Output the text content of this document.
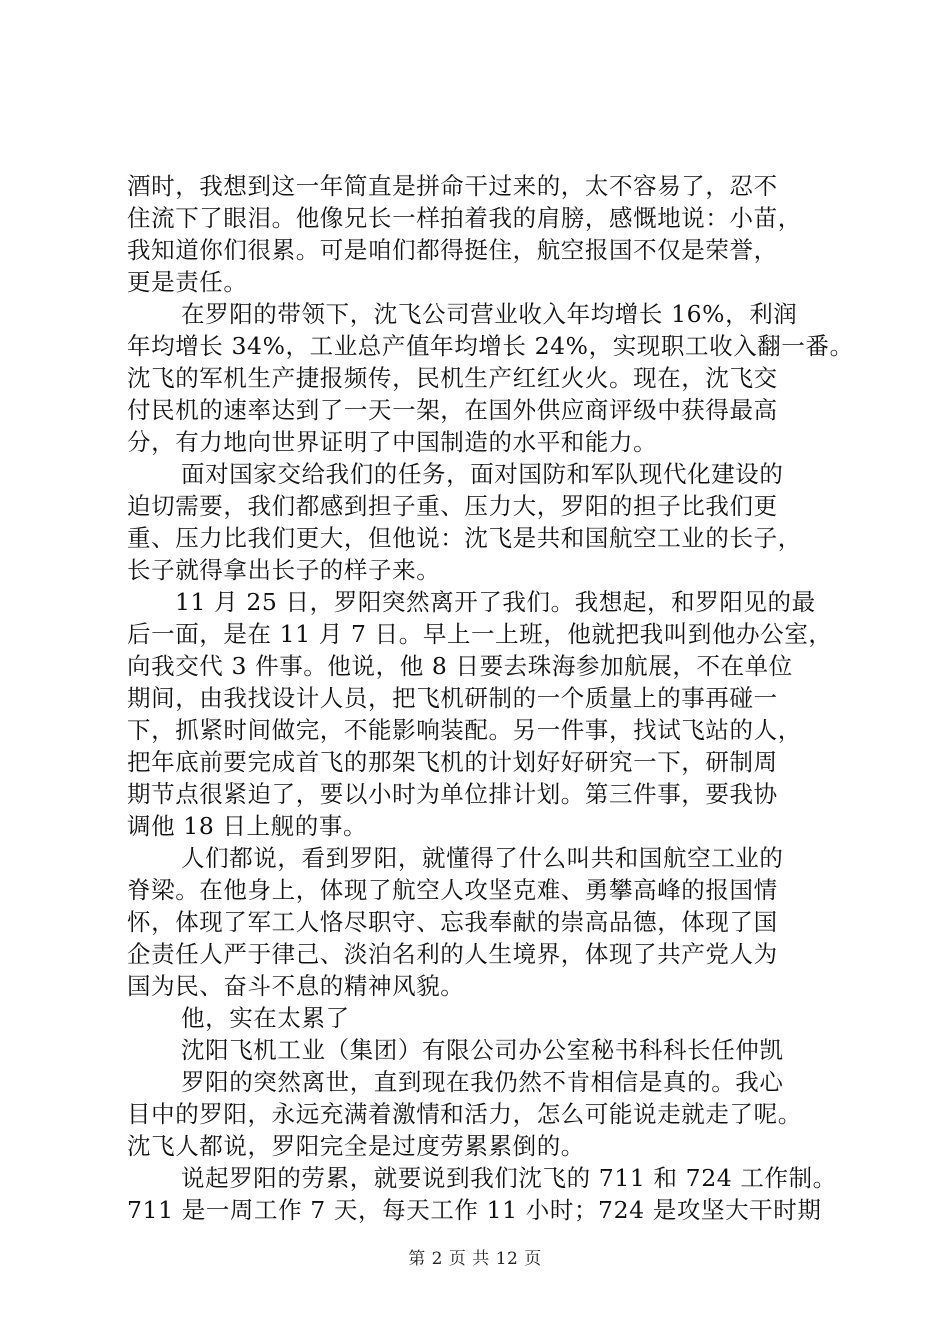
酒时，我想到这一年简直是拼命干过来的，太不容易了，忍不
住流下了眼泪。他像兄长一样拍着我的肩膀，感慨地说：小苗，
我知道你们很累。可是咱们都得挺住，航空报国不仅是荣誉，
更是责任。
在罗阳的带领下，沈飞公司营业收入年均增长 16%，利润
年均增长 34%，工业总产值年均增长 24%，实现职工收入翻一番。
沈飞的军机生产捷报频传，民机生产红红火火。现在，沈飞交
付民机的速率达到了一天一架，在国外供应商评级中获得最高
分，有力地向世界证明了中国制造的水平和能力。
面对国家交给我们的任务，面对国防和军队现代化建设的
迫切需要，我们都感到担子重、压力大，罗阳的担子比我们更
重、压力比我们更大，但他说：沈飞是共和国航空工业的长子，
长子就得拿出长子的样子来。
11 月 25 日，罗阳突然离开了我们。我想起，和罗阳见的最
后一面，是在 11 月 7 日。早上一上班，他就把我叫到他办公室，
向我交代 3 件事。他说，他 8 日要去珠海参加航展，不在单位
期间，由我找设计人员，把飞机研制的一个质量上的事再碰一
下，抓紧时间做完，不能影响装配。另一件事，找试飞站的人，
把年底前要完成首飞的那架飞机的计划好好研究一下，研制周
期节点很紧迫了，要以小时为单位排计划。第三件事，要我协
调他 18 日上舰的事。
人们都说，看到罗阳，就懂得了什么叫共和国航空工业的
脊梁。在他身上，体现了航空人攻坚克难、勇攀高峰的报国情
怀，体现了军工人恪尽职守、忘我奉献的崇高品德，体现了国
企责任人严于律己、淡泊名利的人生境界，体现了共产党人为
国为民、奋斗不息的精神风貌。
他，实在太累了
沈阳飞机工业（集团）有限公司办公室秘书科科长任仲凯
罗阳的突然离世，直到现在我仍然不肯相信是真的。我心
目中的罗阳，永远充满着激情和活力，怎么可能说走就走了呢。
沈飞人都说，罗阳完全是过度劳累累倒的。
说起罗阳的劳累，就要说到我们沈飞的 711 和 724 工作制。
711 是一周工作 7 天，每天工作 11 小时；724 是攻坚大干时期
第 2 页 共 12 页
